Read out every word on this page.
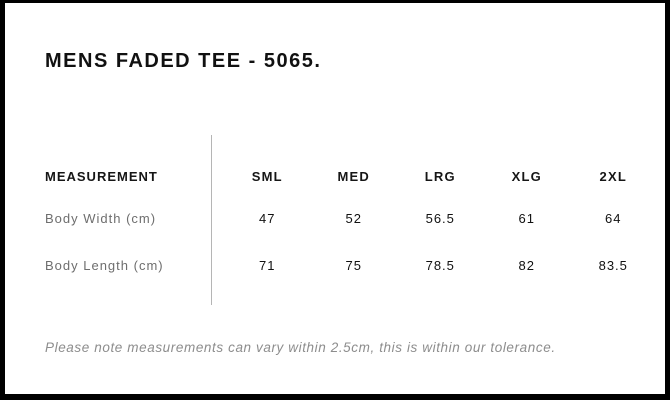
MENS FADED TEE - 5065.
MEASUREMENT	SML	MED	LRG	XLG	2XL
Body Width (cm)	47	52	56.5	61	64
Body Length (cm)	71	75	78.5	82	83.5

Please note measurements can vary within 2.5cm, this is within our tolerance.
